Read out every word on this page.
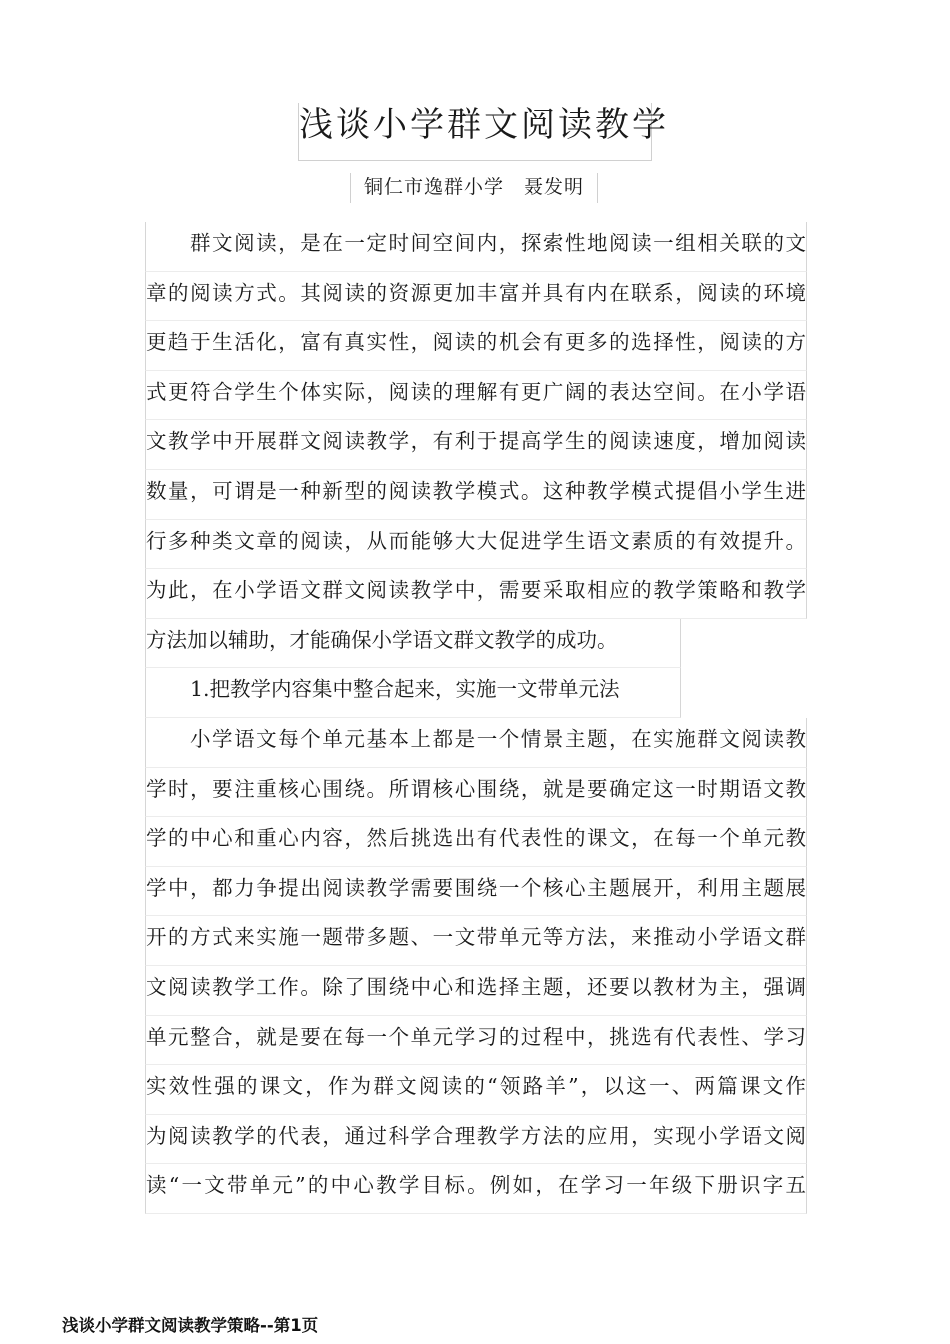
浅谈小学群文阅读教学
铜仁市逸群小学　聂发明
群文阅读，是在一定时间空间内，探索性地阅读一组相关联的文
章的阅读方式。其阅读的资源更加丰富并具有内在联系，阅读的环境
更趋于生活化，富有真实性，阅读的机会有更多的选择性，阅读的方
式更符合学生个体实际，阅读的理解有更广阔的表达空间。在小学语
文教学中开展群文阅读教学，有利于提高学生的阅读速度，增加阅读
数量，可谓是一种新型的阅读教学模式。这种教学模式提倡小学生进
行多种类文章的阅读，从而能够大大促进学生语文素质的有效提升。
为此，在小学语文群文阅读教学中，需要采取相应的教学策略和教学
方法加以辅助，才能确保小学语文群文教学的成功。
1.把教学内容集中整合起来，实施一文带单元法
小学语文每个单元基本上都是一个情景主题，在实施群文阅读教
学时，要注重核心围绕。所谓核心围绕，就是要确定这一时期语文教
学的中心和重心内容，然后挑选出有代表性的课文，在每一个单元教
学中，都力争提出阅读教学需要围绕一个核心主题展开，利用主题展
开的方式来实施一题带多题、一文带单元等方法，来推动小学语文群
文阅读教学工作。除了围绕中心和选择主题，还要以教材为主，强调
单元整合，就是要在每一个单元学习的过程中，挑选有代表性、学习
实效性强的课文，作为群文阅读的“领路羊”，以这一、两篇课文作
为阅读教学的代表，通过科学合理教学方法的应用，实现小学语文阅
读“一文带单元”的中心教学目标。例如，在学习一年级下册识字五
浅谈小学群文阅读教学策略--第1页
